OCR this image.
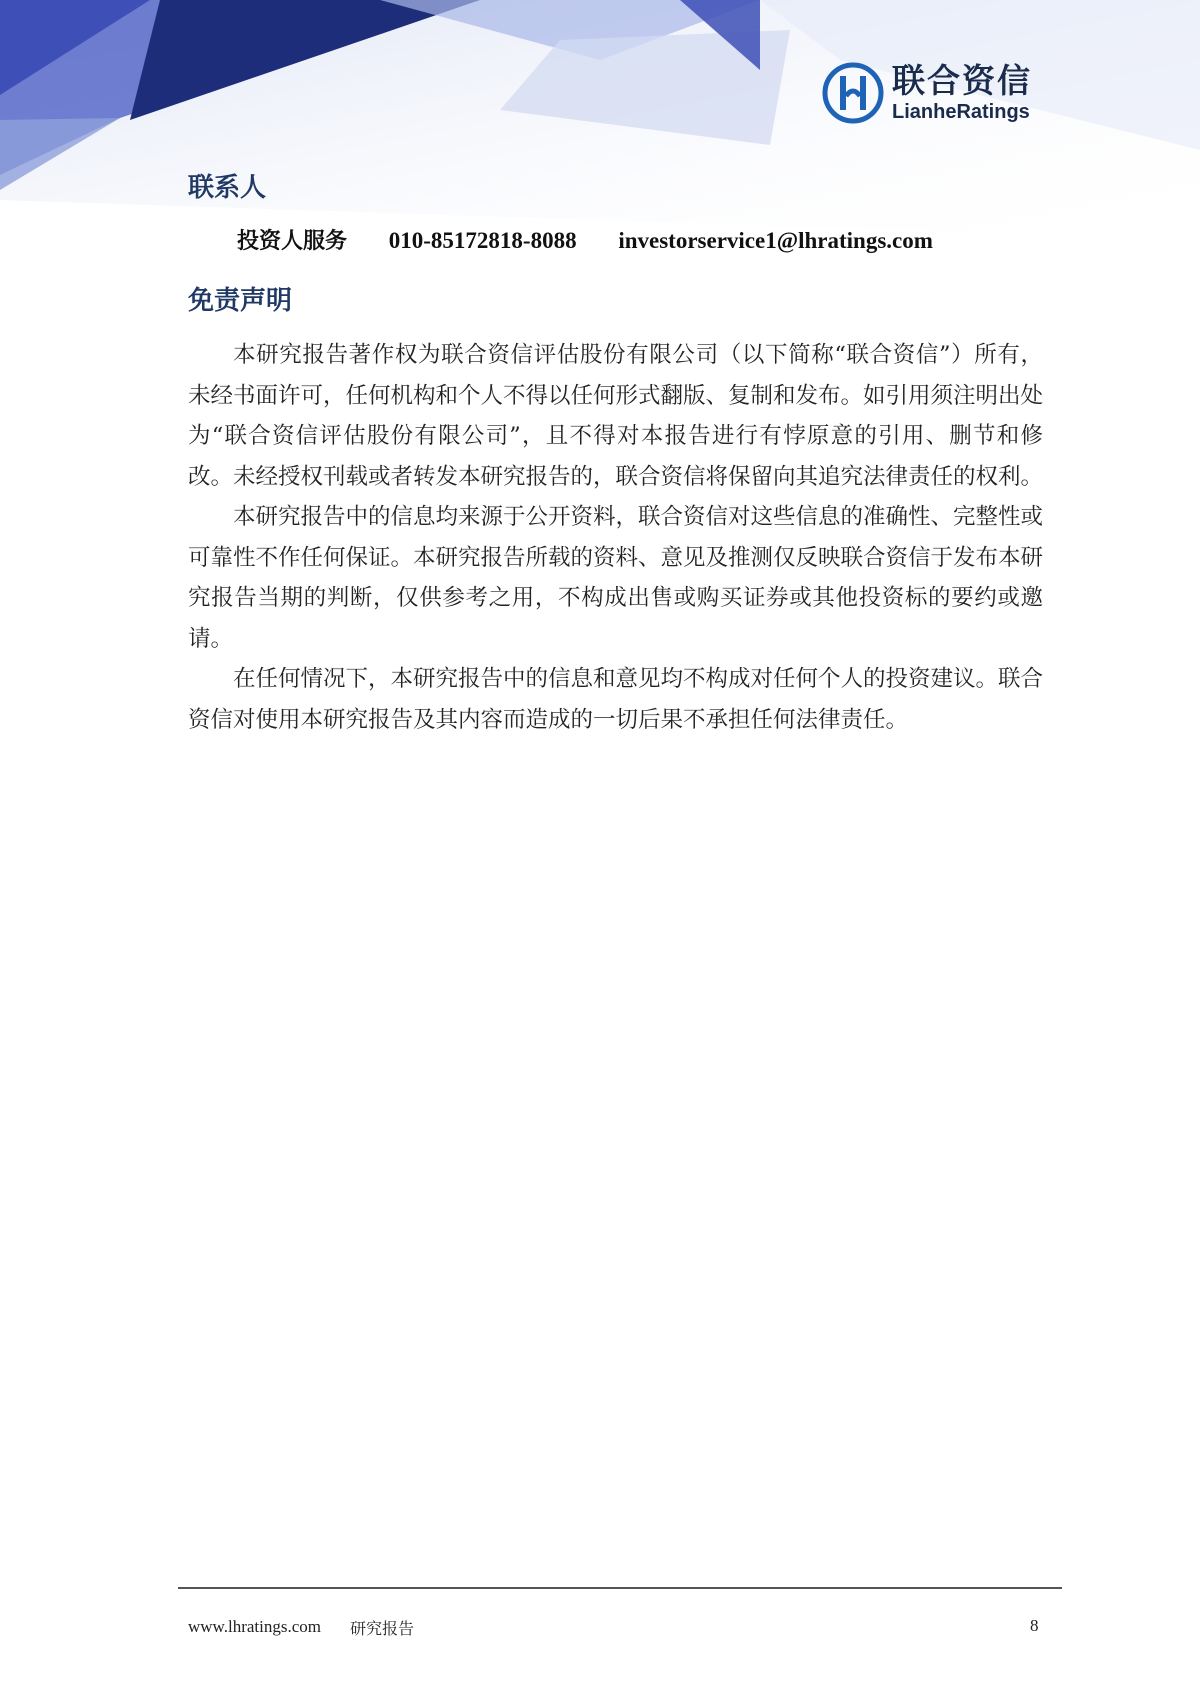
联合资信
LianheRatings
联系人
投资人服务 010-85172818-8088 investorservice1@lhratings.com
免责声明

本研究报告著作权为联合资信评估股份有限公司（以下简称“联合资信”）所有，未经书面许可，任何机构和个人不得以任何形式翻版、复制和发布。如引用须注明出处为“联合资信评估股份有限公司”，且不得对本报告进行有悖原意的引用、删节和修改。未经授权刊载或者转发本研究报告的，联合资信将保留向其追究法律责任的权利。

本研究报告中的信息均来源于公开资料，联合资信对这些信息的准确性、完整性或可靠性不作任何保证。本研究报告所载的资料、意见及推测仅反映联合资信于发布本研究报告当期的判断，仅供参考之用，不构成出售或购买证券或其他投资标的要约或邀请。

在任何情况下，本研究报告中的信息和意见均不构成对任何个人的投资建议。联合资信对使用本研究报告及其内容而造成的一切后果不承担任何法律责任。

www.lhratings.com 研究报告	8
